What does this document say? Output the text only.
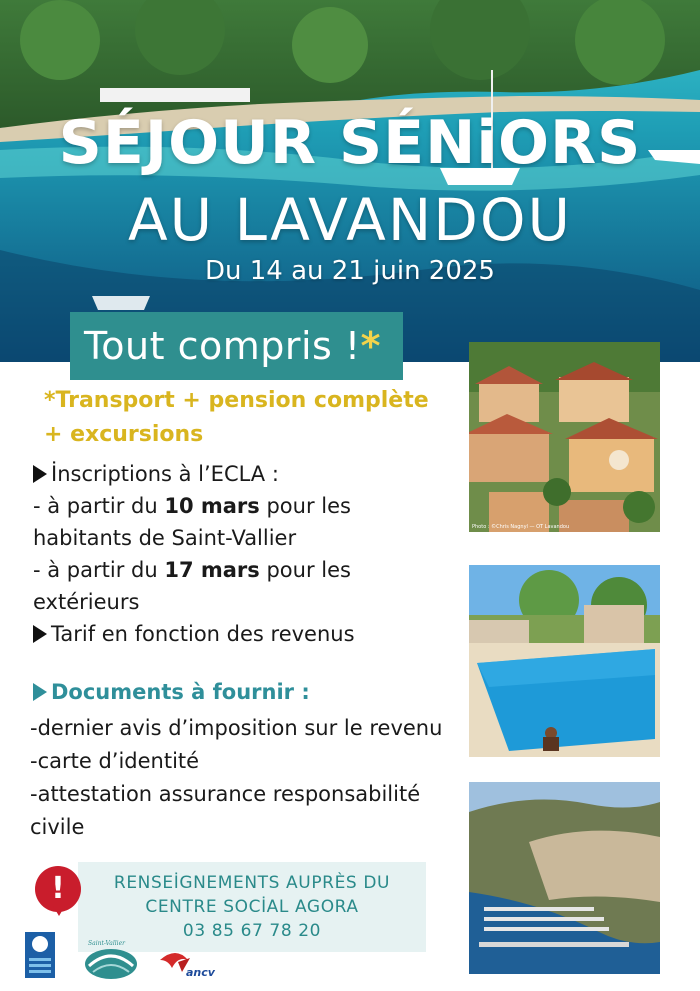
SÉJOUR SÉNiORS
AU LAVANDOU
Du 14 au 21 juin 2025
Tout compris !*
*Transport + pension complète
+ excursions
İnscriptions à l’ECLA :
- à partir du 10 mars pour les
habitants de Saint-Vallier
- à partir du 17 mars pour les
extérieurs
Tarif en fonction des revenus
Documents à fournir :
-dernier avis d’imposition sur le revenu
-carte d’identité
-attestation assurance responsabilité
civile
Photo : ©Chris Nagnyl — OT Lavandou
RENSEİGNEMENTS AUPRÈS DU
CENTRE SOCİAL AGORA
03 85 67 78 20
!
Saint-Vallier
ancv
